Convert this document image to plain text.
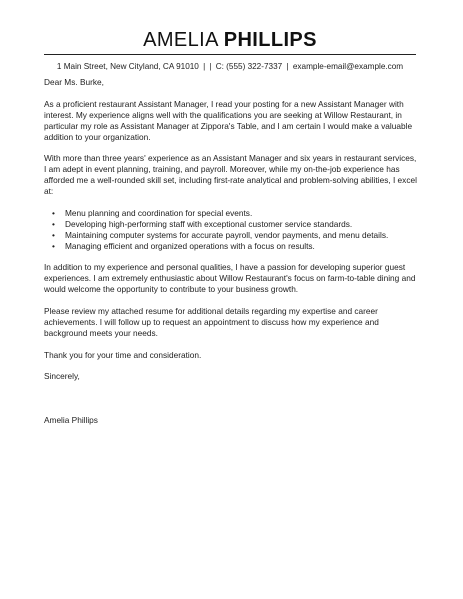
AMELIA PHILLIPS
1 Main Street, New Cityland, CA 91010 | | C: (555) 322-7337 | example-email@example.com
Dear Ms. Burke,

As a proficient restaurant Assistant Manager, I read your posting for a new Assistant Manager with interest. My experience aligns well with the qualifications you are seeking at Willow Restaurant, in particular my role as Assistant Manager at Zippora's Table, and I am certain I would make a valuable addition to your organization.

With more than three years' experience as an Assistant Manager and six years in restaurant services, I am adept in event planning, training, and payroll. Moreover, while my on-the-job experience has afforded me a well-rounded skill set, including first-rate analytical and problem-solving abilities, I excel at:

• Menu planning and coordination for special events.
• Developing high-performing staff with exceptional customer service standards.
• Maintaining computer systems for accurate payroll, vendor payments, and menu details.
• Managing efficient and organized operations with a focus on results.

In addition to my experience and personal qualities, I have a passion for developing superior guest experiences. I am extremely enthusiastic about Willow Restaurant's focus on farm-to-table dining and would welcome the opportunity to contribute to your business growth.

Please review my attached resume for additional details regarding my expertise and career achievements. I will follow up to request an appointment to discuss how my experience and background meets your needs.

Thank you for your time and consideration.

Sincerely,
Amelia Phillips
